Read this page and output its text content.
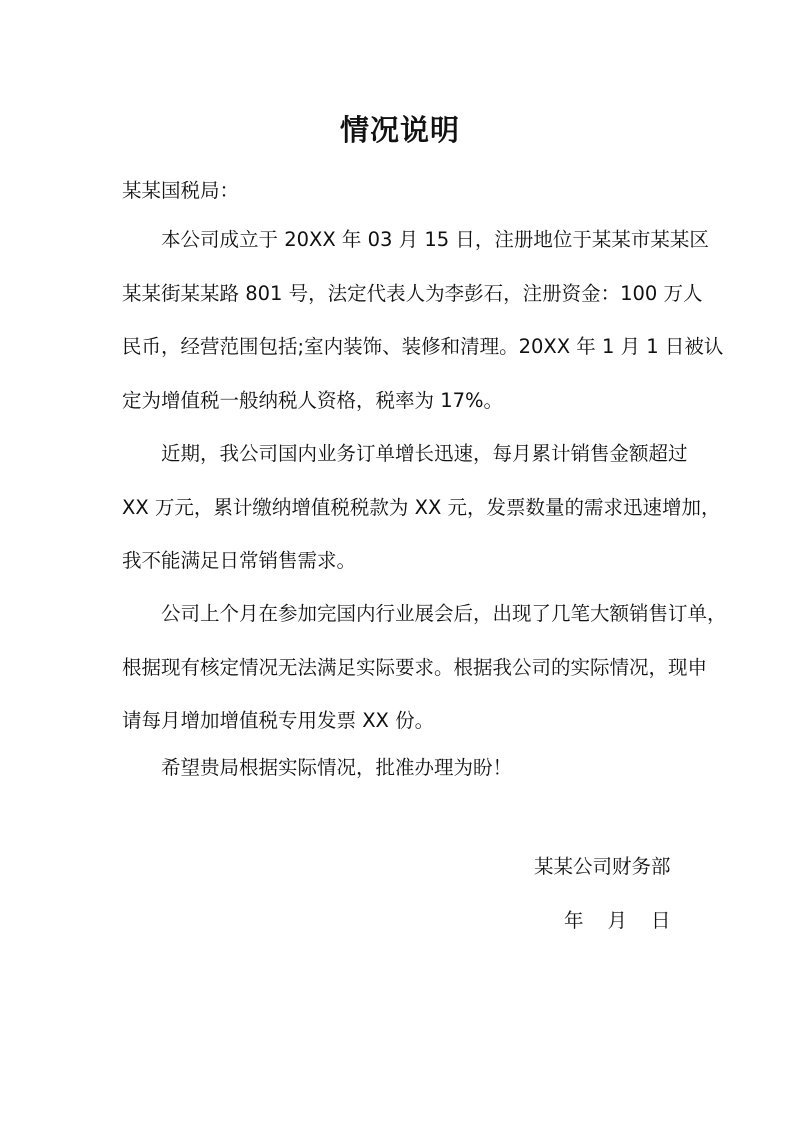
情况说明

某某国税局：

本公司成立于 20XX 年 03 月 15 日，注册地位于某某市某某区
某某街某某路 801 号，法定代表人为李彭石，注册资金：100 万人
民币，经营范围包括;室内装饰、装修和清理。20XX 年 1 月 1 日被认
定为增值税一般纳税人资格，税率为 17%。

近期，我公司国内业务订单增长迅速，每月累计销售金额超过
XX 万元，累计缴纳增值税税款为 XX 元，发票数量的需求迅速增加，
我不能满足日常销售需求。

公司上个月在参加完国内行业展会后，出现了几笔大额销售订单，
根据现有核定情况无法满足实际要求。根据我公司的实际情况，现申
请每月增加增值税专用发票 XX 份。

希望贵局根据实际情况，批准办理为盼！

某某公司财务部

年 月 日
